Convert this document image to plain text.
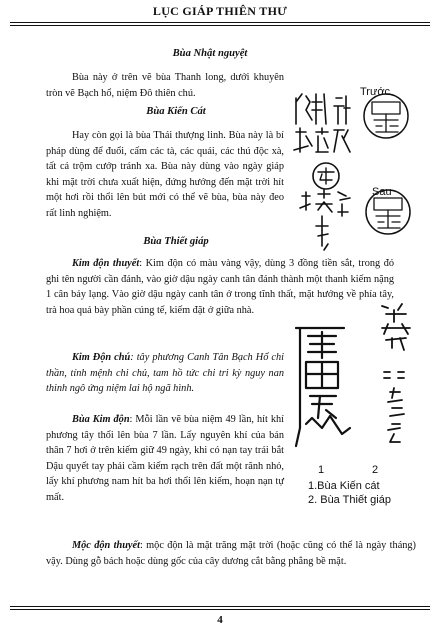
LỤC GIÁP THIÊN THƯ
Bùa Nhật nguyệt
Bùa này ở trên vẽ bùa Thanh long, dưới khuyên tròn vẽ Bạch hổ, niệm Đô thiên chú.
Bùa Kiến Cát
Hay còn gọi là bùa Thái thượng linh. Bùa này là bí pháp dùng để đuổi, cấm các tà, các quái, các thú độc xà, tất cả trộm cướp tránh xa. Bùa này dùng vào ngày giáp khi mặt trời chưa xuất hiện, đứng hướng đến mặt trời hít một hơi rồi thổi lên bút mới có thể vẽ bùa, bùa này đeo rất linh nghiệm.
Bùa Thiết giáp
Kim độn thuyết: Kim độn có màu vàng vậy, dùng 3 đồng tiền sắt, trong đó ghi tên người cần đánh, vào giờ dậu ngày canh tân đánh thành một thanh kiếm nặng 1 cân bảy lạng. Vào giờ dậu ngày canh tân ở trong tĩnh thất, mặt hướng về phía tây, trà hoa quả bày phần cúng tế, kiếm đặt ở giữa nhà.
Kim Độn chú: tây phương Canh Tân Bạch Hổ chi thần, tính mệnh chi chủ, tam hồ tức chi tri kỳ nguy nan thinh ngô ứng niệm lai hộ ngã hình.
Bùa Kim độn: Mỗi lần vẽ bùa niệm 49 lần, hít khí phương tây thổi lên bùa 7 lần. Lấy nguyên khí của bản thân 7 hơi ở trên kiếm giữ 49 ngày, khi có nạn tay trái bắt Dậu quyết tay phải cầm kiếm rạch trên đất một rãnh nhỏ, lấy khí phương nam hít ba hơi thổi lên kiếm, hoạn nạn tự mất.
Mộc độn thuyết: mộc độn là mặt trăng mặt trời (hoặc cũng có thể là ngày tháng) vậy. Dùng gỗ bách hoặc dùng gốc của cây dương cắt bằng phẳng bề mặt.
Trước
Sau
1	2
1.Bùa Kiến cát
2. Bùa Thiết giáp
4
